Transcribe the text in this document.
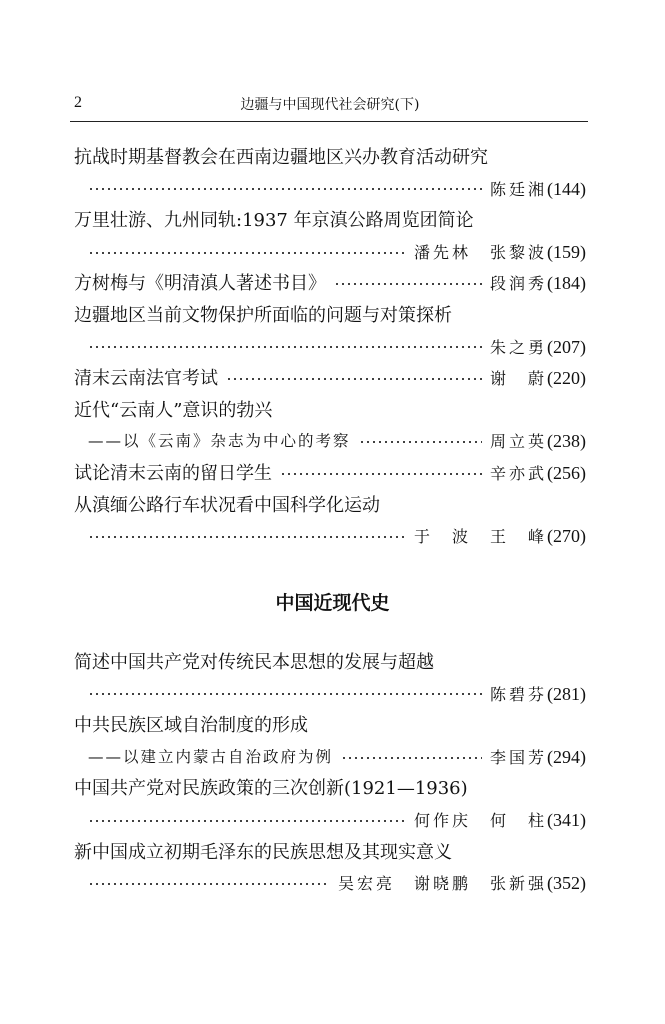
2	边疆与中国现代社会研究(下)
抗战时期基督教会在西南边疆地区兴办教育活动研究
陈廷湘 (144)
万里壮游、九州同轨:1937 年京滇公路周览团简论
潘先林　张黎波 (159)
方树梅与《明清滇人著述书目》	段润秀 (184)
边疆地区当前文物保护所面临的问题与对策探析
朱之勇 (207)
清末云南法官考试	谢　蔚 (220)
近代“云南人”意识的勃兴
——以《云南》杂志为中心的考察	周立英 (238)
试论清末云南的留日学生	辛亦武 (256)
从滇缅公路行车状况看中国科学化运动
于　波　王　峰 (270)
中国近现代史
简述中国共产党对传统民本思想的发展与超越
陈碧芬 (281)
中共民族区域自治制度的形成
——以建立内蒙古自治政府为例	李国芳 (294)
中国共产党对民族政策的三次创新(1921—1936)
何作庆　何　柱 (341)
新中国成立初期毛泽东的民族思想及其现实意义
吴宏亮　谢晓鹏　张新强 (352)
